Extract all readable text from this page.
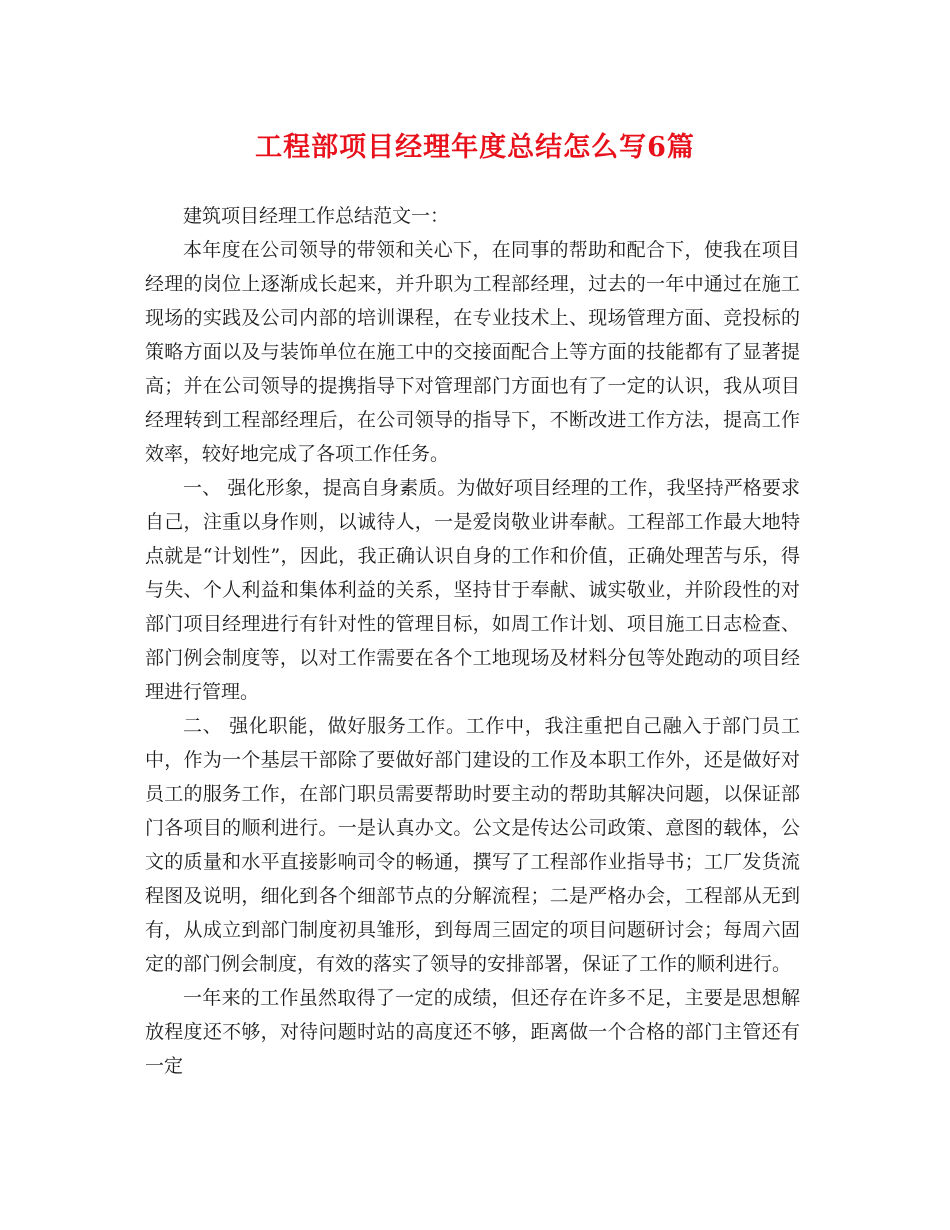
工程部项目经理年度总结怎么写6篇

建筑项目经理工作总结范文一：

本年度在公司领导的带领和关心下，在同事的帮助和配合下，使我在项目经理的岗位上逐渐成长起来，并升职为工程部经理，过去的一年中通过在施工现场的实践及公司内部的培训课程，在专业技术上、现场管理方面、竞投标的策略方面以及与装饰单位在施工中的交接面配合上等方面的技能都有了显著提高；并在公司领导的提携指导下对管理部门方面也有了一定的认识，我从项目经理转到工程部经理后，在公司领导的指导下，不断改进工作方法，提高工作效率，较好地完成了各项工作任务。

一、 强化形象，提高自身素质。为做好项目经理的工作，我坚持严格要求自己，注重以身作则，以诚待人，一是爱岗敬业讲奉献。工程部工作最大地特点就是“计划性”，因此，我正确认识自身的工作和价值，正确处理苦与乐，得与失、个人利益和集体利益的关系，坚持甘于奉献、诚实敬业，并阶段性的对部门项目经理进行有针对性的管理目标，如周工作计划、项目施工日志检查、部门例会制度等，以对工作需要在各个工地现场及材料分包等处跑动的项目经理进行管理。

二、 强化职能，做好服务工作。工作中，我注重把自己融入于部门员工中，作为一个基层干部除了要做好部门建设的工作及本职工作外，还是做好对员工的服务工作，在部门职员需要帮助时要主动的帮助其解决问题，以保证部门各项目的顺利进行。一是认真办文。公文是传达公司政策、意图的载体，公文的质量和水平直接影响司令的畅通，撰写了工程部作业指导书；工厂发货流程图及说明，细化到各个细部节点的分解流程；二是严格办会，工程部从无到有，从成立到部门制度初具雏形，到每周三固定的项目问题研讨会；每周六固定的部门例会制度，有效的落实了领导的安排部署，保证了工作的顺利进行。

一年来的工作虽然取得了一定的成绩，但还存在许多不足，主要是思想解放程度还不够，对待问题时站的高度还不够，距离做一个合格的部门主管还有一定
